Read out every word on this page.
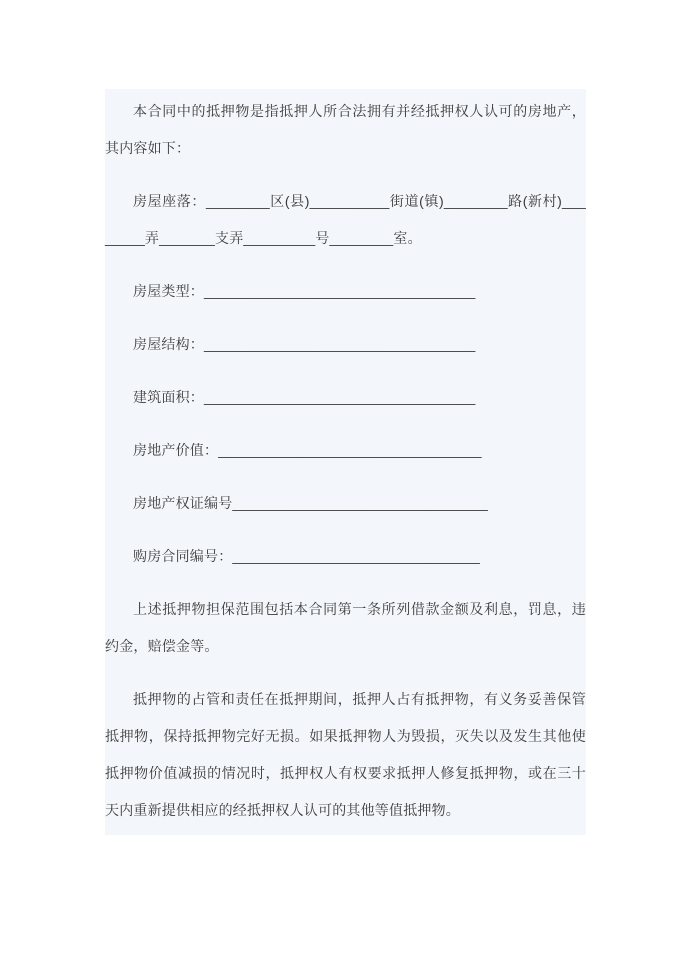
本合同中的抵押物是指抵押人所合法拥有并经抵押权人认可的房地产，其内容如下：

房屋座落：________区(县)__________街道(镇)________路(新村)________弄_______支弄_________号________室。

房屋类型：__________________________________

房屋结构：__________________________________

建筑面积：__________________________________

房地产价值：_________________________________

房地产权证编号________________________________

购房合同编号：_______________________________

上述抵押物担保范围包括本合同第一条所列借款金额及利息，罚息，违约金，赔偿金等。

抵押物的占管和责任在抵押期间，抵押人占有抵押物，有义务妥善保管抵押物，保持抵押物完好无损。如果抵押物人为毁损，灭失以及发生其他使抵押物价值减损的情况时，抵押权人有权要求抵押人修复抵押物，或在三十天内重新提供相应的经抵押权人认可的其他等值抵押物。
